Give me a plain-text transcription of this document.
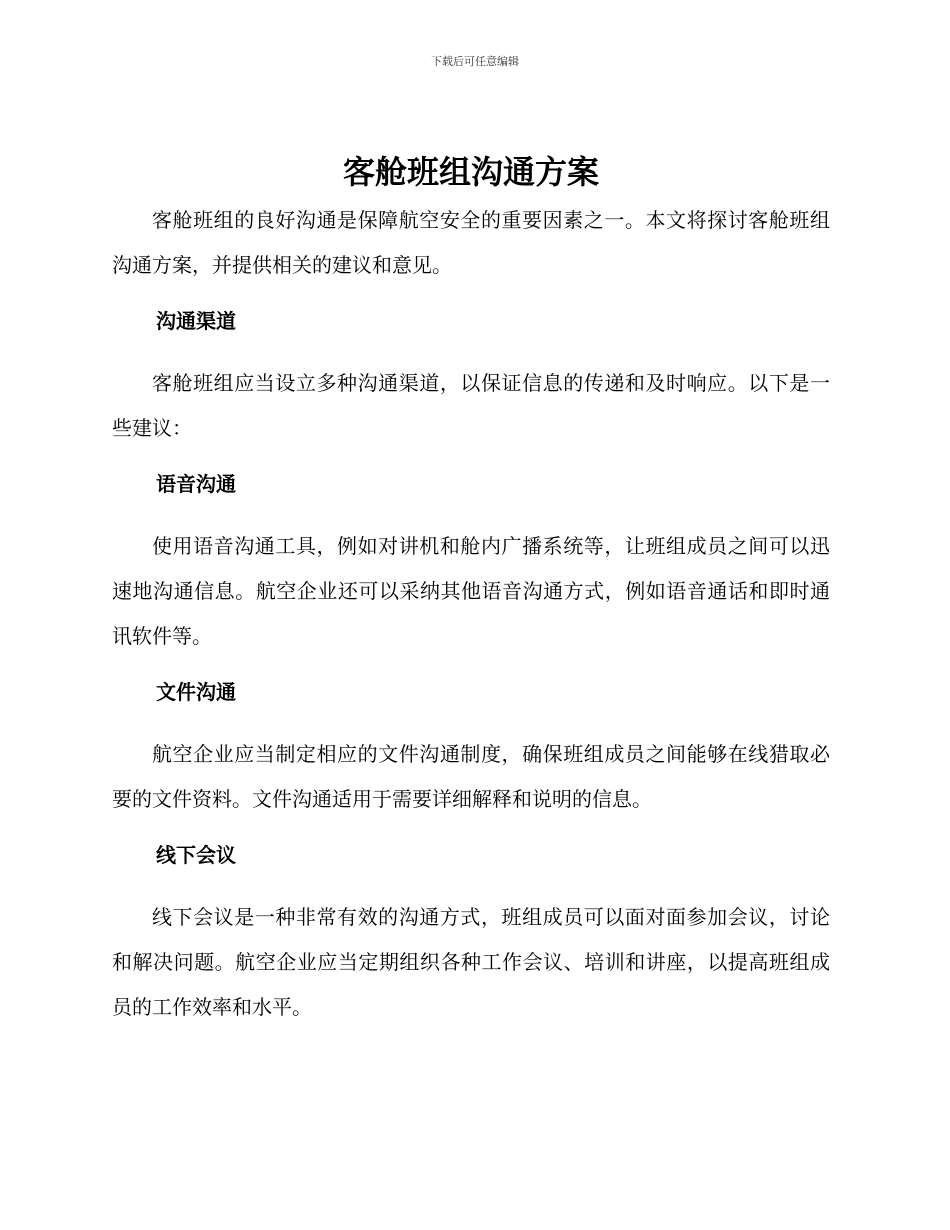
下载后可任意编辑
客舱班组沟通方案

客舱班组的良好沟通是保障航空安全的重要因素之一。本文将探讨客舱班组沟通方案，并提供相关的建议和意见。

沟通渠道

客舱班组应当设立多种沟通渠道，以保证信息的传递和及时响应。以下是一些建议：

语音沟通

使用语音沟通工具，例如对讲机和舱内广播系统等，让班组成员之间可以迅速地沟通信息。航空企业还可以采纳其他语音沟通方式，例如语音通话和即时通讯软件等。

文件沟通

航空企业应当制定相应的文件沟通制度，确保班组成员之间能够在线猎取必要的文件资料。文件沟通适用于需要详细解释和说明的信息。

线下会议

线下会议是一种非常有效的沟通方式，班组成员可以面对面参加会议，讨论和解决问题。航空企业应当定期组织各种工作会议、培训和讲座，以提高班组成员的工作效率和水平。
